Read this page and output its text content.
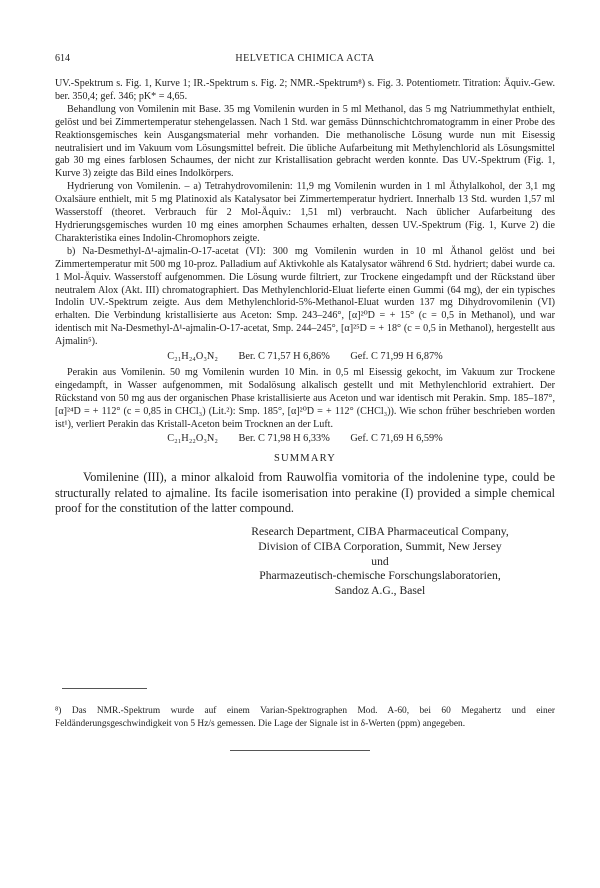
614	HELVETICA CHIMICA ACTA

UV.-Spektrum s. Fig. 1, Kurve 1; IR.-Spektrum s. Fig. 2; NMR.-Spektrum⁸) s. Fig. 3. Potentiometr. Titration: Äquiv.-Gew. ber. 350,4; gef. 346; pK* = 4,65.

Behandlung von Vomilenin mit Base. 35 mg Vomilenin wurden in 5 ml Methanol, das 5 mg Natriummethylat enthielt, gelöst und bei Zimmertemperatur stehengelassen. Nach 1 Std. war gemäss Dünnschichtchromatogramm in einer Probe des Reaktionsgemisches kein Ausgangsmaterial mehr vorhanden. Die methanolische Lösung wurde nun mit Eisessig neutralisiert und im Vakuum vom Lösungsmittel befreit. Die übliche Aufarbeitung mit Methylenchlorid als Lösungsmittel gab 30 mg eines farblosen Schaumes, der nicht zur Kristallisation gebracht werden konnte. Das UV.-Spektrum (Fig. 1, Kurve 3) zeigte das Bild eines Indolkörpers.

Hydrierung von Vomilenin. – a) Tetrahydrovomilenin: 11,9 mg Vomilenin wurden in 1 ml Äthylalkohol, der 3,1 mg Oxalsäure enthielt, mit 5 mg Platinoxid als Katalysator bei Zimmertemperatur hydriert. Innerhalb 13 Std. wurden 1,57 ml Wasserstoff (theoret. Verbrauch für 2 Mol-Äquiv.: 1,51 ml) verbraucht. Nach üblicher Aufarbeitung des Hydrierungsgemisches wurden 10 mg eines amorphen Schaumes erhalten, dessen UV.-Spektrum (Fig. 1, Kurve 2) die Charakteristika eines Indolin-Chromophors zeigte.

b) Na-Desmethyl-Δ¹-ajmalin-O-17-acetat (VI): 300 mg Vomilenin wurden in 10 ml Äthanol gelöst und bei Zimmertemperatur mit 500 mg 10-proz. Palladium auf Aktivkohle als Katalysator während 6 Std. hydriert; dabei wurde ca. 1 Mol-Äquiv. Wasserstoff aufgenommen. Die Lösung wurde filtriert, zur Trockene eingedampft und der Rückstand über neutralem Alox (Akt. III) chromatographiert. Das Methylenchlorid-Eluat lieferte einen Gummi (64 mg), der ein typisches Indolin UV.-Spektrum zeigte. Aus dem Methylenchlorid-5%-Methanol-Eluat wurden 137 mg Dihydrovomilenin (VI) erhalten. Die Verbindung kristallisierte aus Aceton: Smp. 243–246°, [α]²⁰D = + 15° (c = 0,5 in Methanol), und war identisch mit Na-Desmethyl-Δ¹-ajmalin-O-17-acetat, Smp. 244–245°, [α]²⁵D = + 18° (c = 0,5 in Methanol), hergestellt aus Ajmalin⁵).

C₂₁H₂₄O₃N₂ Ber. C 71,57 H 6,86% Gef. C 71,99 H 6,87%

Perakin aus Vomilenin. 50 mg Vomilenin wurden 10 Min. in 0,5 ml Eisessig gekocht, im Vakuum zur Trockene eingedampft, in Wasser aufgenommen, mit Sodalösung alkalisch gestellt und mit Methylenchlorid extrahiert. Der Rückstand von 50 mg aus der organischen Phase kristallisierte aus Aceton und war identisch mit Perakin. Smp. 185–187°, [α]²⁴D = + 112° (c = 0,85 in CHCl₃) (Lit.²): Smp. 185°, [α]²⁰D = + 112° (CHCl₃)). Wie schon früher beschrieben worden ist¹), verliert Perakin das Kristall-Aceton beim Trocknen an der Luft.

C₂₁H₂₂O₃N₂ Ber. C 71,98 H 6,33% Gef. C 71,69 H 6,59%

SUMMARY

Vomilenine (III), a minor alkaloid from Rauwolfia vomitoria of the indolenine type, could be structurally related to ajmaline. Its facile isomerisation into perakine (I) provided a simple chemical proof for the constitution of the latter compound.

Research Department, CIBA Pharmaceutical Company,
Division of CIBA Corporation, Summit, New Jersey
und
Pharmazeutisch-chemische Forschungslaboratorien,
Sandoz A.G., Basel

⁸) Das NMR.-Spektrum wurde auf einem Varian-Spektrographen Mod. A-60, bei 60 Megahertz und einer Feldänderungsgeschwindigkeit von 5 Hz/s gemessen. Die Lage der Signale ist in δ-Werten (ppm) angegeben.
